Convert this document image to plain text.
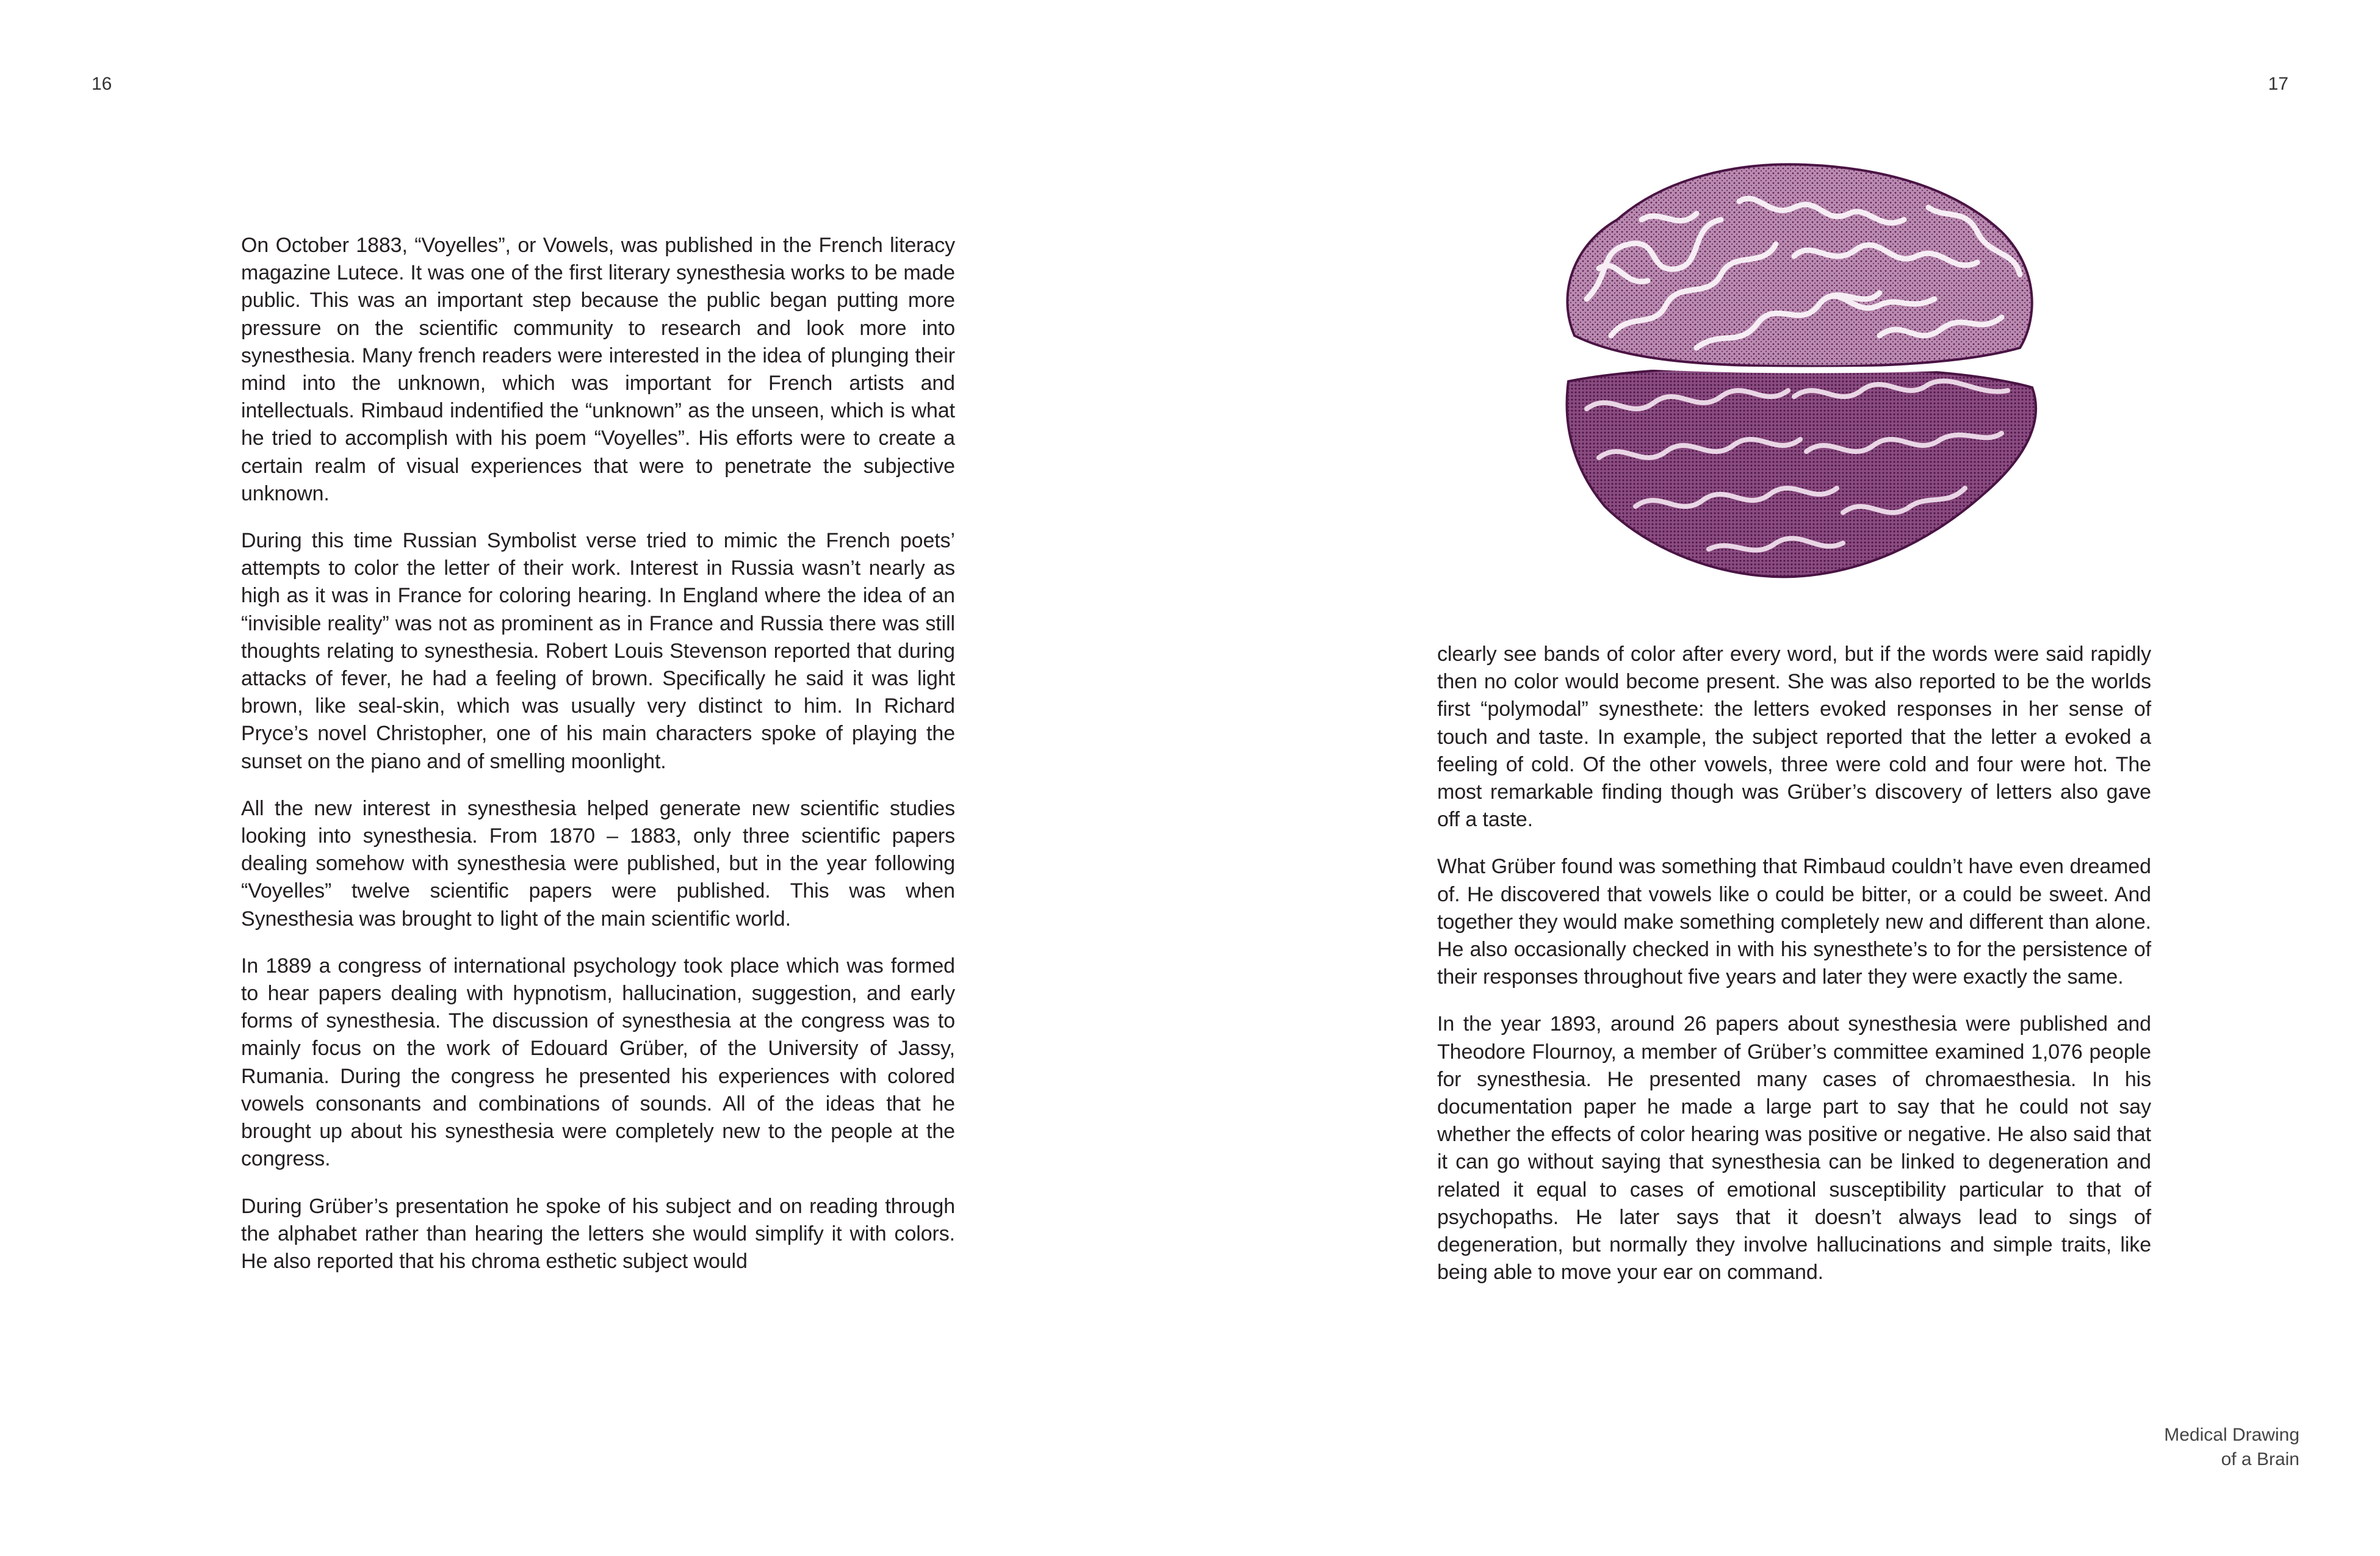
16	17

On October 1883, “Voyelles”, or Vowels, was published in the French literacy magazine Lutece. It was one of the first literary synesthesia works to be made public. This was an important step because the public began putting more pressure on the scientific community to research and look more into synesthesia. Many french readers were interested in the idea of plunging their mind into the unknown, which was important for French artists and intellectuals. Rimbaud indentified the “unknown” as the unseen, which is what he tried to accomplish with his poem “Voyelles”. His efforts were to create a certain realm of visual experiences that were to penetrate the subjective unknown.

During this time Russian Symbolist verse tried to mimic the French poets’ attempts to color the letter of their work. Interest in Russia wasn’t nearly as high as it was in France for coloring hearing. In England where the idea of an “invisible reality” was not as prominent as in France and Russia there was still thoughts relating to synesthesia. Robert Louis Stevenson reported that during attacks of fever, he had a feeling of brown. Specifically he said it was light brown, like seal-skin, which was usually very distinct to him. In Richard Pryce’s novel Christopher, one of his main characters spoke of playing the sunset on the piano and of smelling moonlight.

All the new interest in synesthesia helped generate new scientific studies looking into synesthesia. From 1870 – 1883, only three scientific papers dealing somehow with synesthesia were published, but in the year following “Voyelles” twelve scientific papers were published. This was when Synesthesia was brought to light of the main scientific world.

In 1889 a congress of international psychology took place which was formed to hear papers dealing with hypnotism, hallucination, suggestion, and early forms of synesthesia. The discussion of synesthesia at the congress was to mainly focus on the work of Edouard Grüber, of the University of Jassy, Rumania. During the congress he presented his experiences with colored vowels consonants and combinations of sounds. All of the ideas that he brought up about his synesthesia were completely new to the people at the congress.

During Grüber’s presentation he spoke of his subject and on reading through the alphabet rather than hearing the letters she would simplify it with colors. He also reported that his chroma esthetic subject would

clearly see bands of color after every word, but if the words were said rapidly then no color would become present. She was also reported to be the worlds first “polymodal” synesthete: the letters evoked responses in her sense of touch and taste. In example, the subject reported that the letter a evoked a feeling of cold. Of the other vowels, three were cold and four were hot. The most remarkable finding though was Grüber’s discovery of letters also gave off a taste.

What Grüber found was something that Rimbaud couldn’t have even dreamed of. He discovered that vowels like o could be bitter, or a could be sweet. And together they would make something completely new and different than alone. He also occasionally checked in with his synesthete’s to for the persistence of their responses throughout five years and later they were exactly the same.

In the year 1893, around 26 papers about synesthesia were published and Theodore Flournoy, a member of Grüber’s committee examined 1,076 people for synesthesia. He presented many cases of chromaesthesia. In his documentation paper he made a large part to say that he could not say whether the effects of color hearing was positive or negative. He also said that it can go without saying that synesthesia can be linked to degeneration and related it equal to cases of emotional susceptibility particular to that of psychopaths. He later says that it doesn’t always lead to sings of degeneration, but normally they involve hallucinations and simple traits, like being able to move your ear on command.

Medical Drawing
of a Brain
